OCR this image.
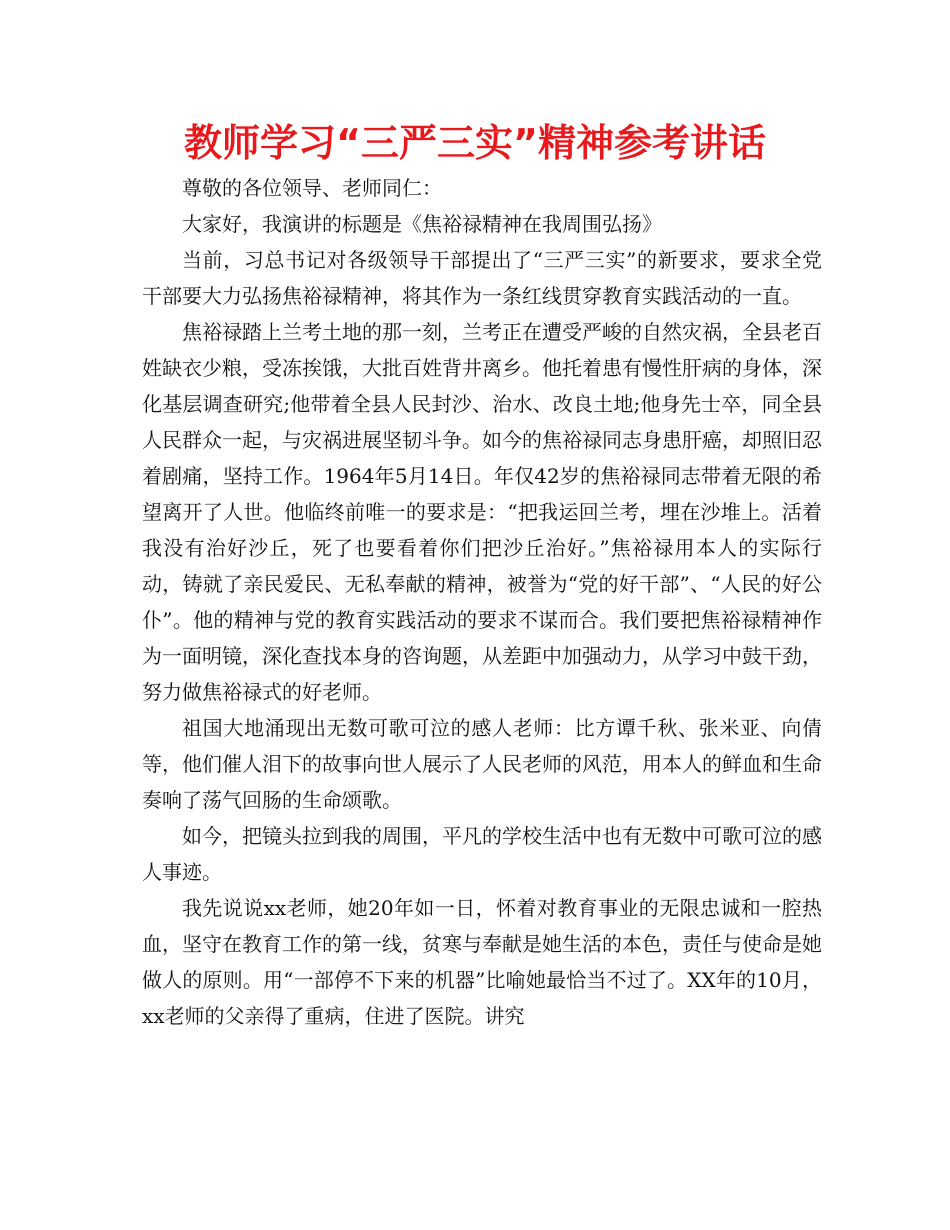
教师学习“三严三实”精神参考讲话

尊敬的各位领导、老师同仁：

大家好，我演讲的标题是《焦裕禄精神在我周围弘扬》

当前，习总书记对各级领导干部提出了“三严三实”的新要求，要求全党干部要大力弘扬焦裕禄精神，将其作为一条红线贯穿教育实践活动的一直。

焦裕禄踏上兰考土地的那一刻，兰考正在遭受严峻的自然灾祸，全县老百姓缺衣少粮，受冻挨饿，大批百姓背井离乡。他托着患有慢性肝病的身体，深化基层调查研究;他带着全县人民封沙、治水、改良土地;他身先士卒，同全县人民群众一起，与灾祸进展坚韧斗争。如今的焦裕禄同志身患肝癌，却照旧忍着剧痛，坚持工作。1964年5月14日。年仅42岁的焦裕禄同志带着无限的希望离开了人世。他临终前唯一的要求是：“把我运回兰考，埋在沙堆上。活着我没有治好沙丘，死了也要看着你们把沙丘治好。”焦裕禄用本人的实际行动，铸就了亲民爱民、无私奉献的精神，被誉为“党的好干部”、“人民的好公仆”。他的精神与党的教育实践活动的要求不谋而合。我们要把焦裕禄精神作为一面明镜，深化查找本身的咨询题，从差距中加强动力，从学习中鼓干劲，努力做焦裕禄式的好老师。

祖国大地涌现出无数可歌可泣的感人老师：比方谭千秋、张米亚、向倩等，他们催人泪下的故事向世人展示了人民老师的风范，用本人的鲜血和生命奏响了荡气回肠的生命颂歌。

如今，把镜头拉到我的周围，平凡的学校生活中也有无数中可歌可泣的感人事迹。

我先说说xx老师，她20年如一日，怀着对教育事业的无限忠诚和一腔热血，坚守在教育工作的第一线，贫寒与奉献是她生活的本色，责任与使命是她做人的原则。用“一部停不下来的机器”比喻她最恰当不过了。XX年的10月，xx老师的父亲得了重病，住进了医院。讲究
